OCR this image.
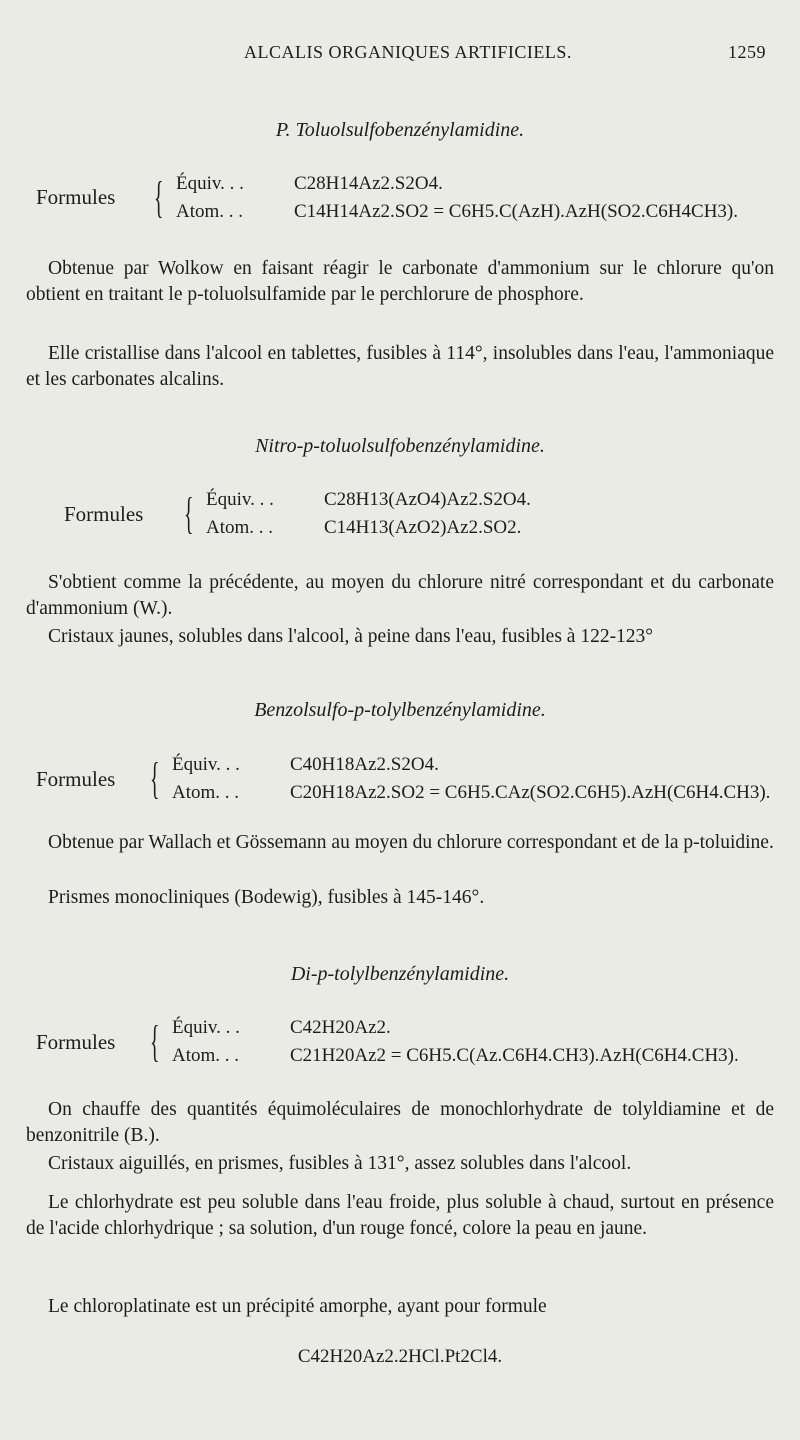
ALCALIS ORGANIQUES ARTIFICIELS.	1259
P. Toluolsulfobenzénylamidine.
Formules { Équiv. . .	C28H14Az2.S2O4.
Atom. . .	C14H14Az2.SO2 = C6H5.C(AzH).AzH(SO2.C6H4CH3).

Obtenue par Wolkow en faisant réagir le carbonate d'ammonium sur le chlorure qu'on obtient en traitant le p-toluolsulfamide par le perchlorure de phosphore.

Elle cristallise dans l'alcool en tablettes, fusibles à 114°, insolubles dans l'eau, l'ammoniaque et les carbonates alcalins.

Nitro-p-toluolsulfobenzénylamidine.
Formules { Équiv. . .	C28H13(AzO4)Az2.S2O4.
Atom. . .	C14H13(AzO2)Az2.SO2.

S'obtient comme la précédente, au moyen du chlorure nitré correspondant et du carbonate d'ammonium (W.).

Cristaux jaunes, solubles dans l'alcool, à peine dans l'eau, fusibles à 122-123°

Benzolsulfo-p-tolylbenzénylamidine.
Formules { Équiv. . .	C40H18Az2.S2O4.
Atom. . .	C20H18Az2.SO2 = C6H5.CAz(SO2.C6H5).AzH(C6H4.CH3).

Obtenue par Wallach et Gössemann au moyen du chlorure correspondant et de la p-toluidine.

Prismes monocliniques (Bodewig), fusibles à 145-146°.

Di-p-tolylbenzénylamidine.
Formules { Équiv. . .	C42H20Az2.
Atom. . .	C21H20Az2 = C6H5.C(Az.C6H4.CH3).AzH(C6H4.CH3).

On chauffe des quantités équimoléculaires de monochlorhydrate de tolyldiamine et de benzonitrile (B.).

Cristaux aiguillés, en prismes, fusibles à 131°, assez solubles dans l'alcool.

Le chlorhydrate est peu soluble dans l'eau froide, plus soluble à chaud, surtout en présence de l'acide chlorhydrique ; sa solution, d'un rouge foncé, colore la peau en jaune.

Le chloroplatinate est un précipité amorphe, ayant pour formule

C42H20Az2.2HCl.Pt2Cl4.
